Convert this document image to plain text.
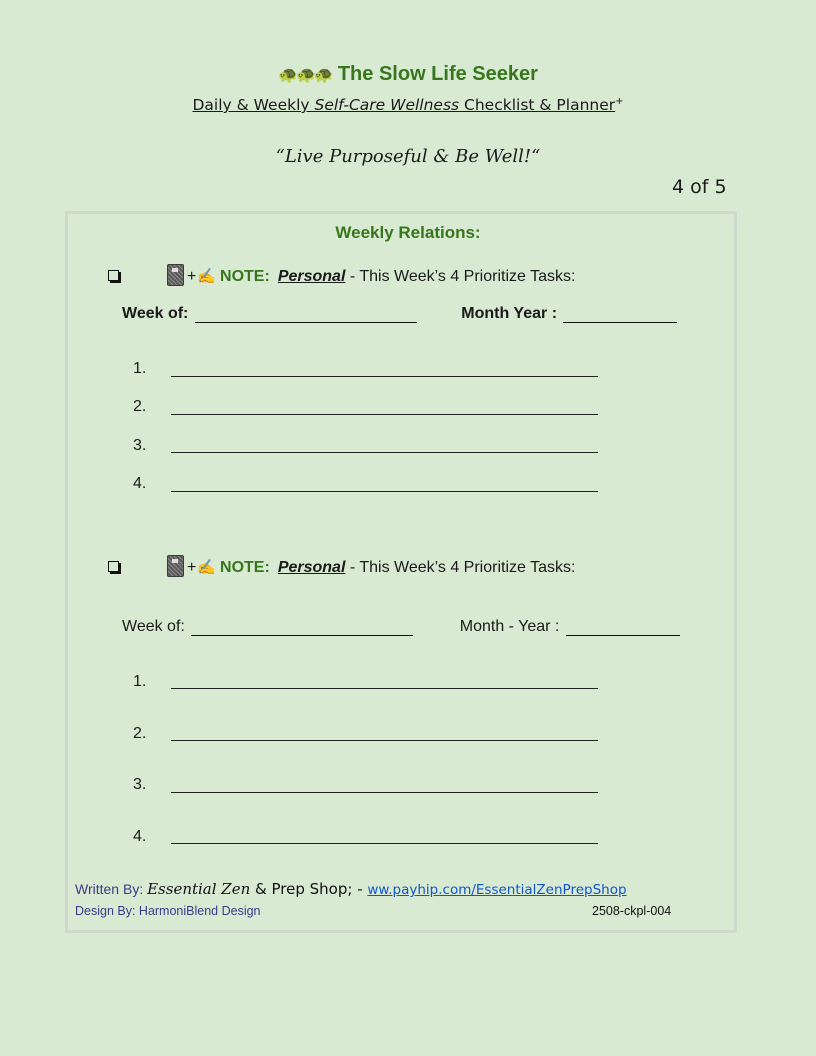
🐢🐢🐢 The Slow Life Seeker
Daily & Weekly Self-Care Wellness Checklist & Planner+
“Live Purposeful & Be Well!“
4 of 5
Weekly Relations:
+✍ NOTE: Personal - This Week’s 4 Prioritize Tasks:
Week of:	Month Year :
1.
2.
3.
4.
+✍ NOTE: Personal - This Week’s 4 Prioritize Tasks:
Week of:	Month - Year :
1.
2.
3.
4.
Written By: Essential Zen & Prep Shop; - ww.payhip.com/EssentialZenPrepShop
Design By: HarmoniBlend Design	2508-ckpl-004
